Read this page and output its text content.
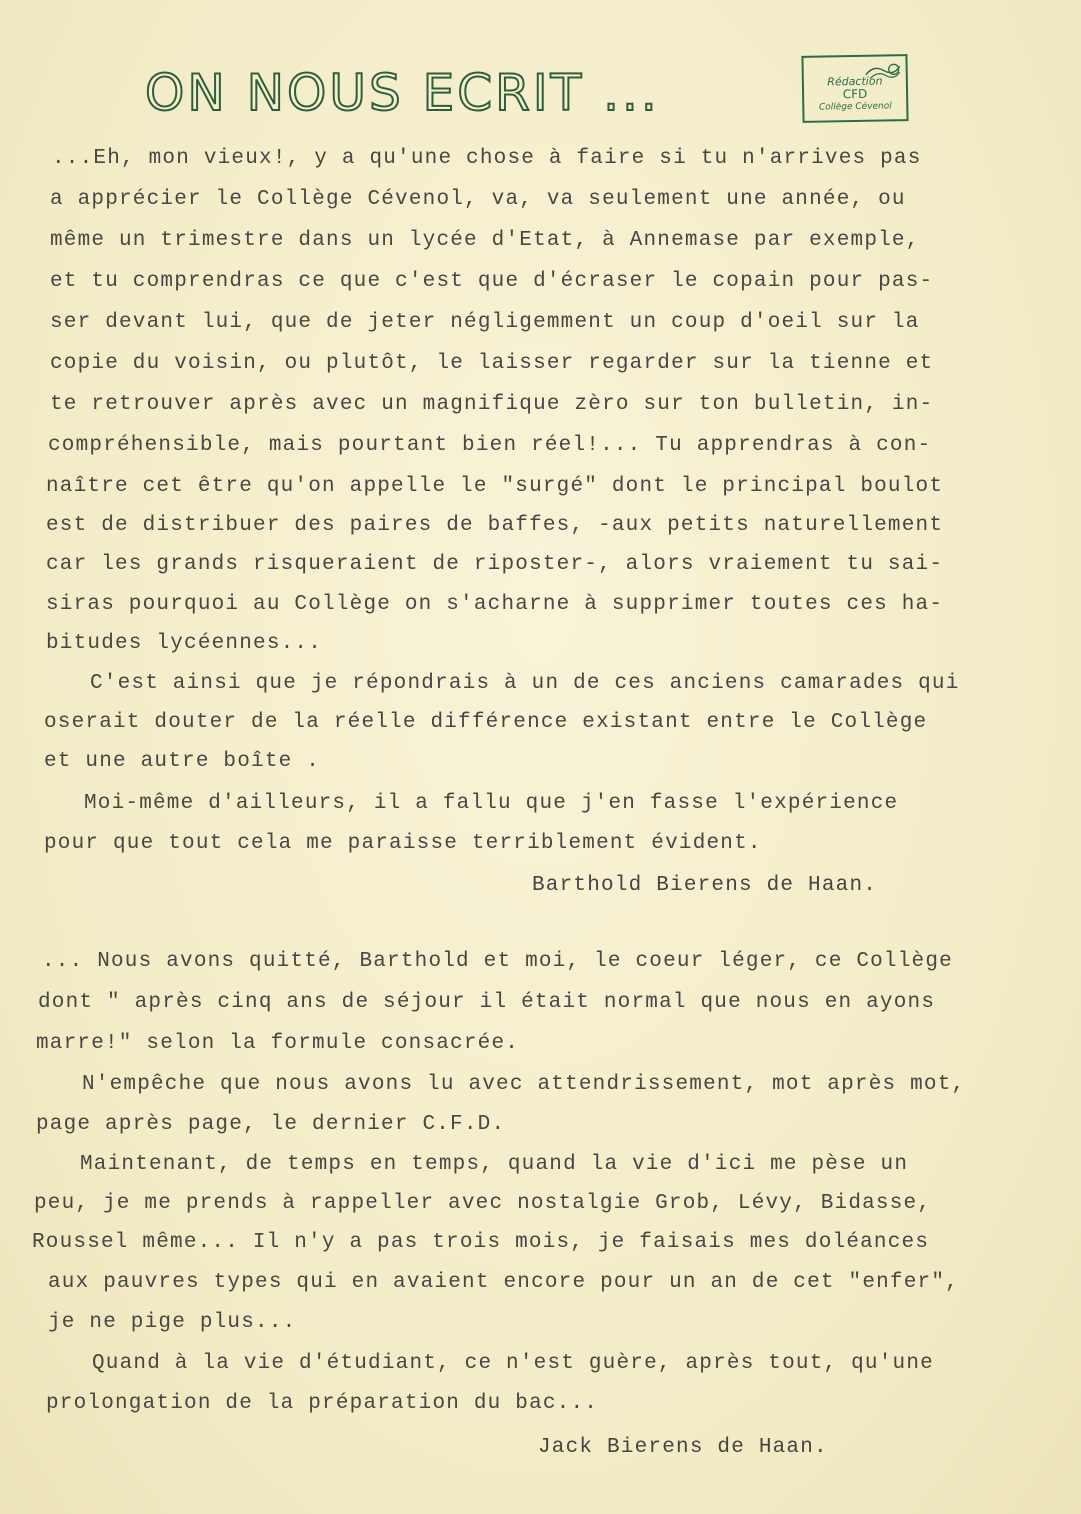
ON NOUS ECRIT ...	Rédaction
CFD
Collège Cévenol
...Eh, mon vieux!, y a qu'une chose à faire si tu n'arrives pas
a apprécier le Collège Cévenol, va, va seulement une année, ou
même un trimestre dans un lycée d'Etat, à Annemase par exemple,
et tu comprendras ce que c'est que d'écraser le copain pour pas-
ser devant lui, que de jeter négligemment un coup d'oeil sur la
copie du voisin, ou plutôt, le laisser regarder sur la tienne et
te retrouver après avec un magnifique zèro sur ton bulletin, in-
compréhensible, mais pourtant bien réel!... Tu apprendras à con-
naître cet être qu'on appelle le "surgé" dont le principal boulot
est de distribuer des paires de baffes, -aux petits naturellement
car les grands risqueraient de riposter-, alors vraiement tu sai-
siras pourquoi au Collège on s'acharne à supprimer toutes ces ha-
bitudes lycéennes...
C'est ainsi que je répondrais à un de ces anciens camarades qui
oserait douter de la réelle différence existant entre le Collège
et une autre boîte .
Moi-même d'ailleurs, il a fallu que j'en fasse l'expérience
pour que tout cela me paraisse terriblement évident.
Barthold Bierens de Haan.
... Nous avons quitté, Barthold et moi, le coeur léger, ce Collège
dont " après cinq ans de séjour il était normal que nous en ayons
marre!" selon la formule consacrée.
N'empêche que nous avons lu avec attendrissement, mot après mot,
page après page, le dernier C.F.D.
Maintenant, de temps en temps, quand la vie d'ici me pèse un
peu, je me prends à rappeller avec nostalgie Grob, Lévy, Bidasse,
Roussel même... Il n'y a pas trois mois, je faisais mes doléances
aux pauvres types qui en avaient encore pour un an de cet "enfer",
je ne pige plus...
Quand à la vie d'étudiant, ce n'est guère, après tout, qu'une
prolongation de la préparation du bac...
Jack Bierens de Haan.
